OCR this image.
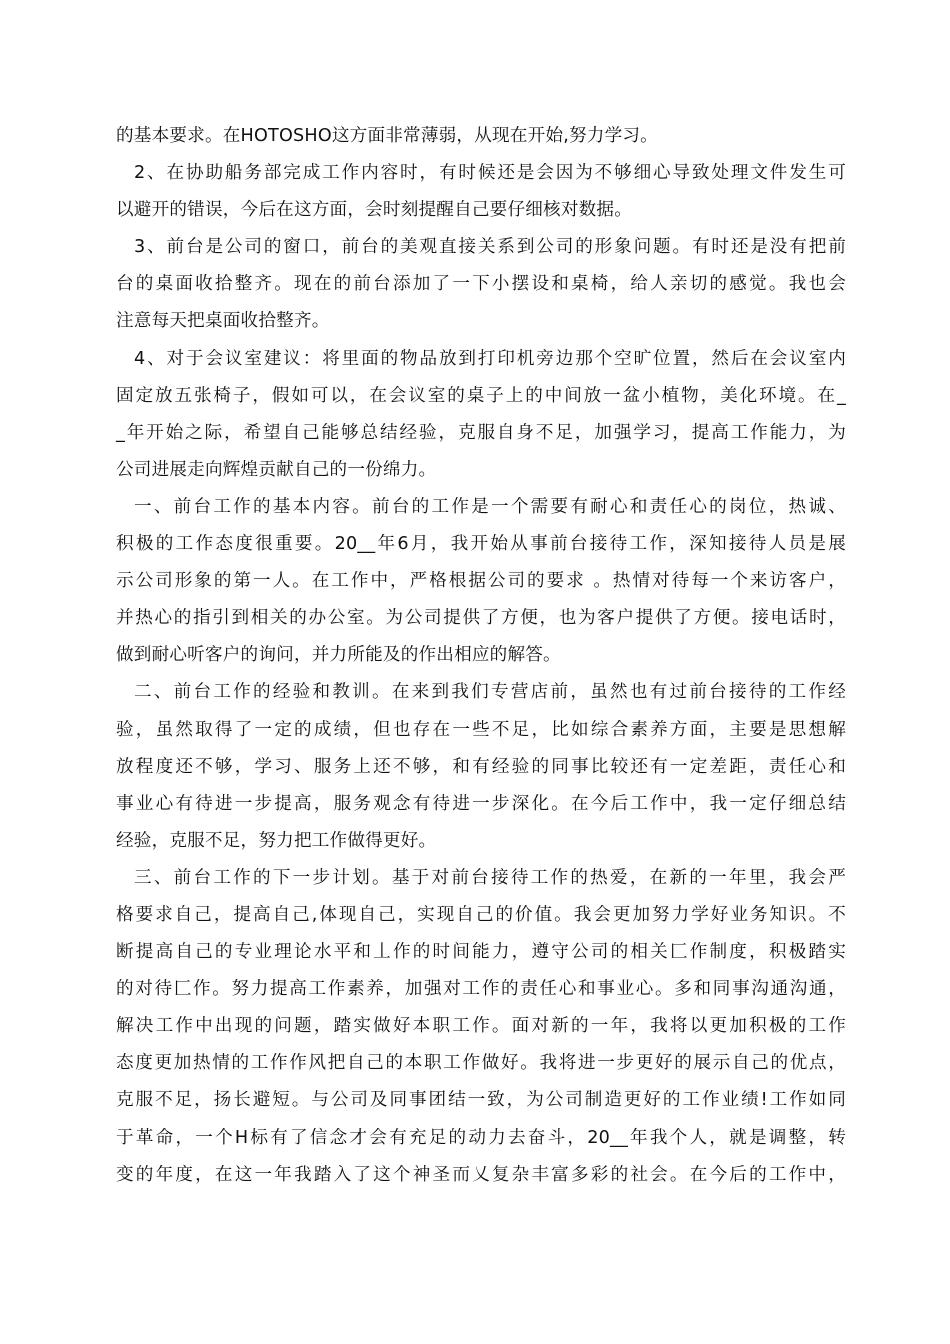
的基本要求。在HOTOSHO这方面非常薄弱，从现在开始,努力学习。
2、在协助船务部完成工作内容时，有时候还是会因为不够细心导致处理文件发生可
以避开的错误，今后在这方面，会时刻提醒自己要仔细核对数据。
3、前台是公司的窗口，前台的美观直接关系到公司的形象问题。有时还是没有把前
台的桌面收拾整齐。现在的前台添加了一下小摆设和桌椅，给人亲切的感觉。我也会
注意每天把桌面收拾整齐。
4、对于会议室建议：将里面的物品放到打印机旁边那个空旷位置，然后在会议室内
固定放五张椅子，假如可以，在会议室的桌子上的中间放一盆小植物，美化环境。在_
_年开始之际，希望自己能够总结经验，克服自身不足，加强学习，提高工作能力，为
公司进展走向辉煌贡献自己的一份绵力。
一、前台工作的基本内容。前台的工作是一个需要有耐心和责任心的岗位，热诚、
积极的工作态度很重要。20__年6月，我开始从事前台接待工作，深知接待人员是展
示公司形象的第一人。在工作中，严格根据公司的要求 。热情对待每一个来访客户，
并热心的指引到相关的办公室。为公司提供了方便，也为客户提供了方便。接电话时，
做到耐心听客户的询问，并力所能及的作出相应的解答。
二、前台工作的经验和教训。在来到我们专营店前，虽然也有过前台接待的工作经
验，虽然取得了一定的成绩，但也存在一些不足，比如综合素养方面，主要是思想解
放程度还不够，学习、服务上还不够，和有经验的同事比较还有一定差距，责任心和
事业心有待进一步提高，服务观念有待进一步深化。在今后工作中，我一定仔细总结
经验，克服不足，努力把工作做得更好。
三、前台工作的下一步计划。基于对前台接待工作的热爱，在新的一年里，我会严
格要求自己，提高自己,体现自己，实现自己的价值。我会更加努力学好业务知识。不
断提高自己的专业理论水平和丄作的时间能力，遵守公司的相关匚作制度，积极踏实
的对待匚作。努力提高工作素养，加强对工作的责任心和事业心。多和同事沟通沟通，
解决工作中出现的问题，踏实做好本职工作。面对新的一年，我将以更加积极的工作
态度更加热情的工作作风把自己的本职工作做好。我将进一步更好的展示自己的优点，
克服不足，扬长避短。与公司及同事团结一致，为公司制造更好的工作业绩!工作如同
于革命，一个H标有了信念才会有充足的动力去奋斗，20__年我个人，就是调整，转
变的年度，在这一年我踏入了这个神圣而乂复杂丰富多彩的社会。在今后的工作中，
